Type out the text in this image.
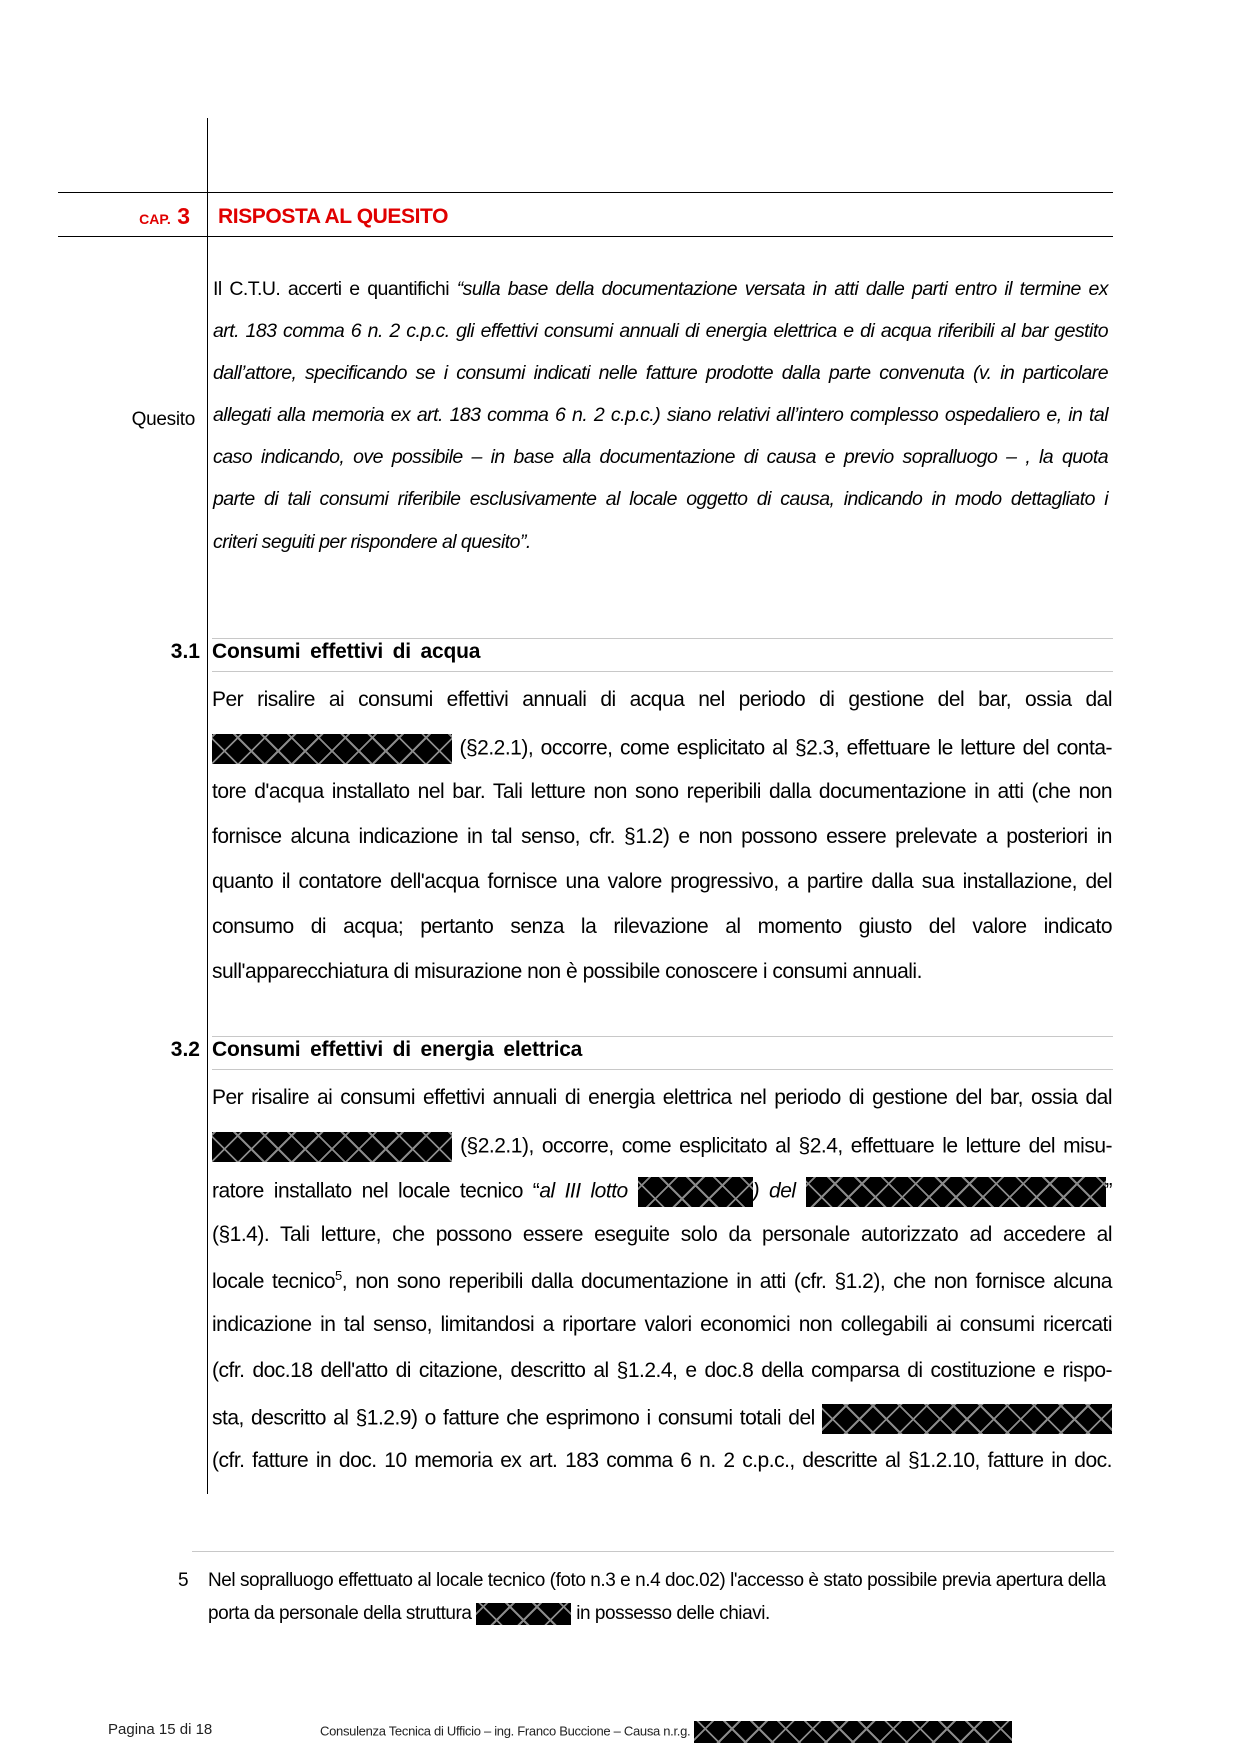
CAP. 3 RISPOSTA AL QUESITO
Quesito
Il C.T.U. accerti e quantifichi “sulla base della documentazione versata in atti dalle parti entro il termine ex
art. 183 comma 6 n. 2 c.p.c. gli effettivi consumi annuali di energia elettrica e di acqua riferibili al bar gestito
dall’attore, specificando se i consumi indicati nelle fatture prodotte dalla parte convenuta (v. in particolare
allegati alla memoria ex art. 183 comma 6 n. 2 c.p.c.) siano relativi all’intero complesso ospedaliero e, in tal
caso indicando, ove possibile – in base alla documentazione di causa e previo sopralluogo – , la quota
parte di tali consumi riferibile esclusivamente al locale oggetto di causa, indicando in modo dettagliato i
criteri seguiti per rispondere al quesito”.
3.1 Consumi effettivi di acqua
Per risalire ai consumi effettivi annuali di acqua nel periodo di gestione del bar, ossia dal
(§2.2.1), occorre, come esplicitato al §2.3, effettuare le letture del conta-
tore d'acqua installato nel bar. Tali letture non sono reperibili dalla documentazione in atti (che non
fornisce alcuna indicazione in tal senso, cfr. §1.2) e non possono essere prelevate a posteriori in
quanto il contatore dell'acqua fornisce una valore progressivo, a partire dalla sua installazione, del
consumo di acqua; pertanto senza la rilevazione al momento giusto del valore indicato
sull'apparecchiatura di misurazione non è possibile conoscere i consumi annuali.
3.2 Consumi effettivi di energia elettrica
Per risalire ai consumi effettivi annuali di energia elettrica nel periodo di gestione del bar, ossia dal
(§2.2.1), occorre, come esplicitato al §2.4, effettuare le letture del misu-
ratore installato nel locale tecnico “al III lotto	) del	”
(§1.4). Tali letture, che possono essere eseguite solo da personale autorizzato ad accedere al
locale tecnico$^5$, non sono reperibili dalla documentazione in atti (cfr. §1.2), che non fornisce alcuna
indicazione in tal senso, limitandosi a riportare valori economici non collegabili ai consumi ricercati
(cfr. doc.18 dell'atto di citazione, descritto al §1.2.4, e doc.8 della comparsa di costituzione e rispo-
sta, descritto al §1.2.9) o fatture che esprimono i consumi totali del
(cfr. fatture in doc. 10 memoria ex art. 183 comma 6 n. 2 c.p.c., descritte al §1.2.10, fatture in doc.
5 Nel sopralluogo effettuato al locale tecnico (foto n.3 e n.4 doc.02) l'accesso è stato possibile previa apertura della
porta da personale della struttura	in possesso delle chiavi.
Pagina 15 di 18	Consulenza Tecnica di Ufficio – ing. Franco Buccione – Causa n.r.g.
